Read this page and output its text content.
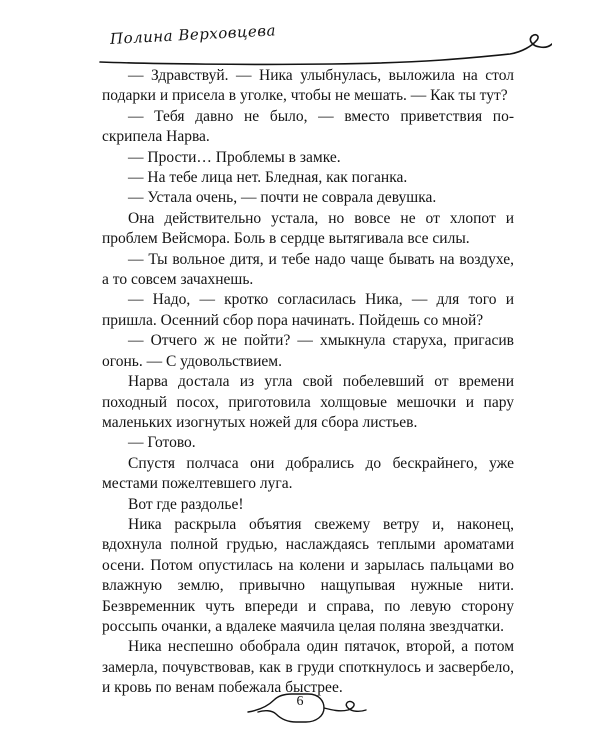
Полина Верховцева

— Здравствуй. — Ника улыбнулась, выложила на стол подарки и присела в уголке, чтобы не мешать. — Как ты тут?

— Тебя давно не было, — вместо приветствия поскрипела Нарва.

— Прости… Проблемы в замке.

— На тебе лица нет. Бледная, как поганка.

— Устала очень, — почти не соврала девушка.

Она действительно устала, но вовсе не от хлопот и проблем Вейсмора. Боль в сердце вытягивала все силы.

— Ты вольное дитя, и тебе надо чаще бывать на воздухе, а то совсем зачахнешь.

— Надо, — кротко согласилась Ника, — для того и пришла. Осенний сбор пора начинать. Пойдешь со мной?

— Отчего ж не пойти? — хмыкнула старуха, пригасив огонь. — С удовольствием.

Нарва достала из угла свой побелевший от времени походный посох, приготовила холщовые мешочки и пару маленьких изогнутых ножей для сбора листьев.

— Готово.

Спустя полчаса они добрались до бескрайнего, уже местами пожелтевшего луга.

Вот где раздолье!

Ника раскрыла объятия свежему ветру и, наконец, вдохнула полной грудью, наслаждаясь теплыми ароматами осени. Потом опустилась на колени и зарылась пальцами во влажную землю, привычно нащупывая нужные нити. Безвременник чуть впереди и справа, по левую сторону россыпь очанки, а вдалеке маячила целая поляна звездчатки.

Ника неспешно обобрала один пятачок, второй, а потом замерла, почувствовав, как в груди споткнулось и засвербело, и кровь по венам побежала быстрее.

6
